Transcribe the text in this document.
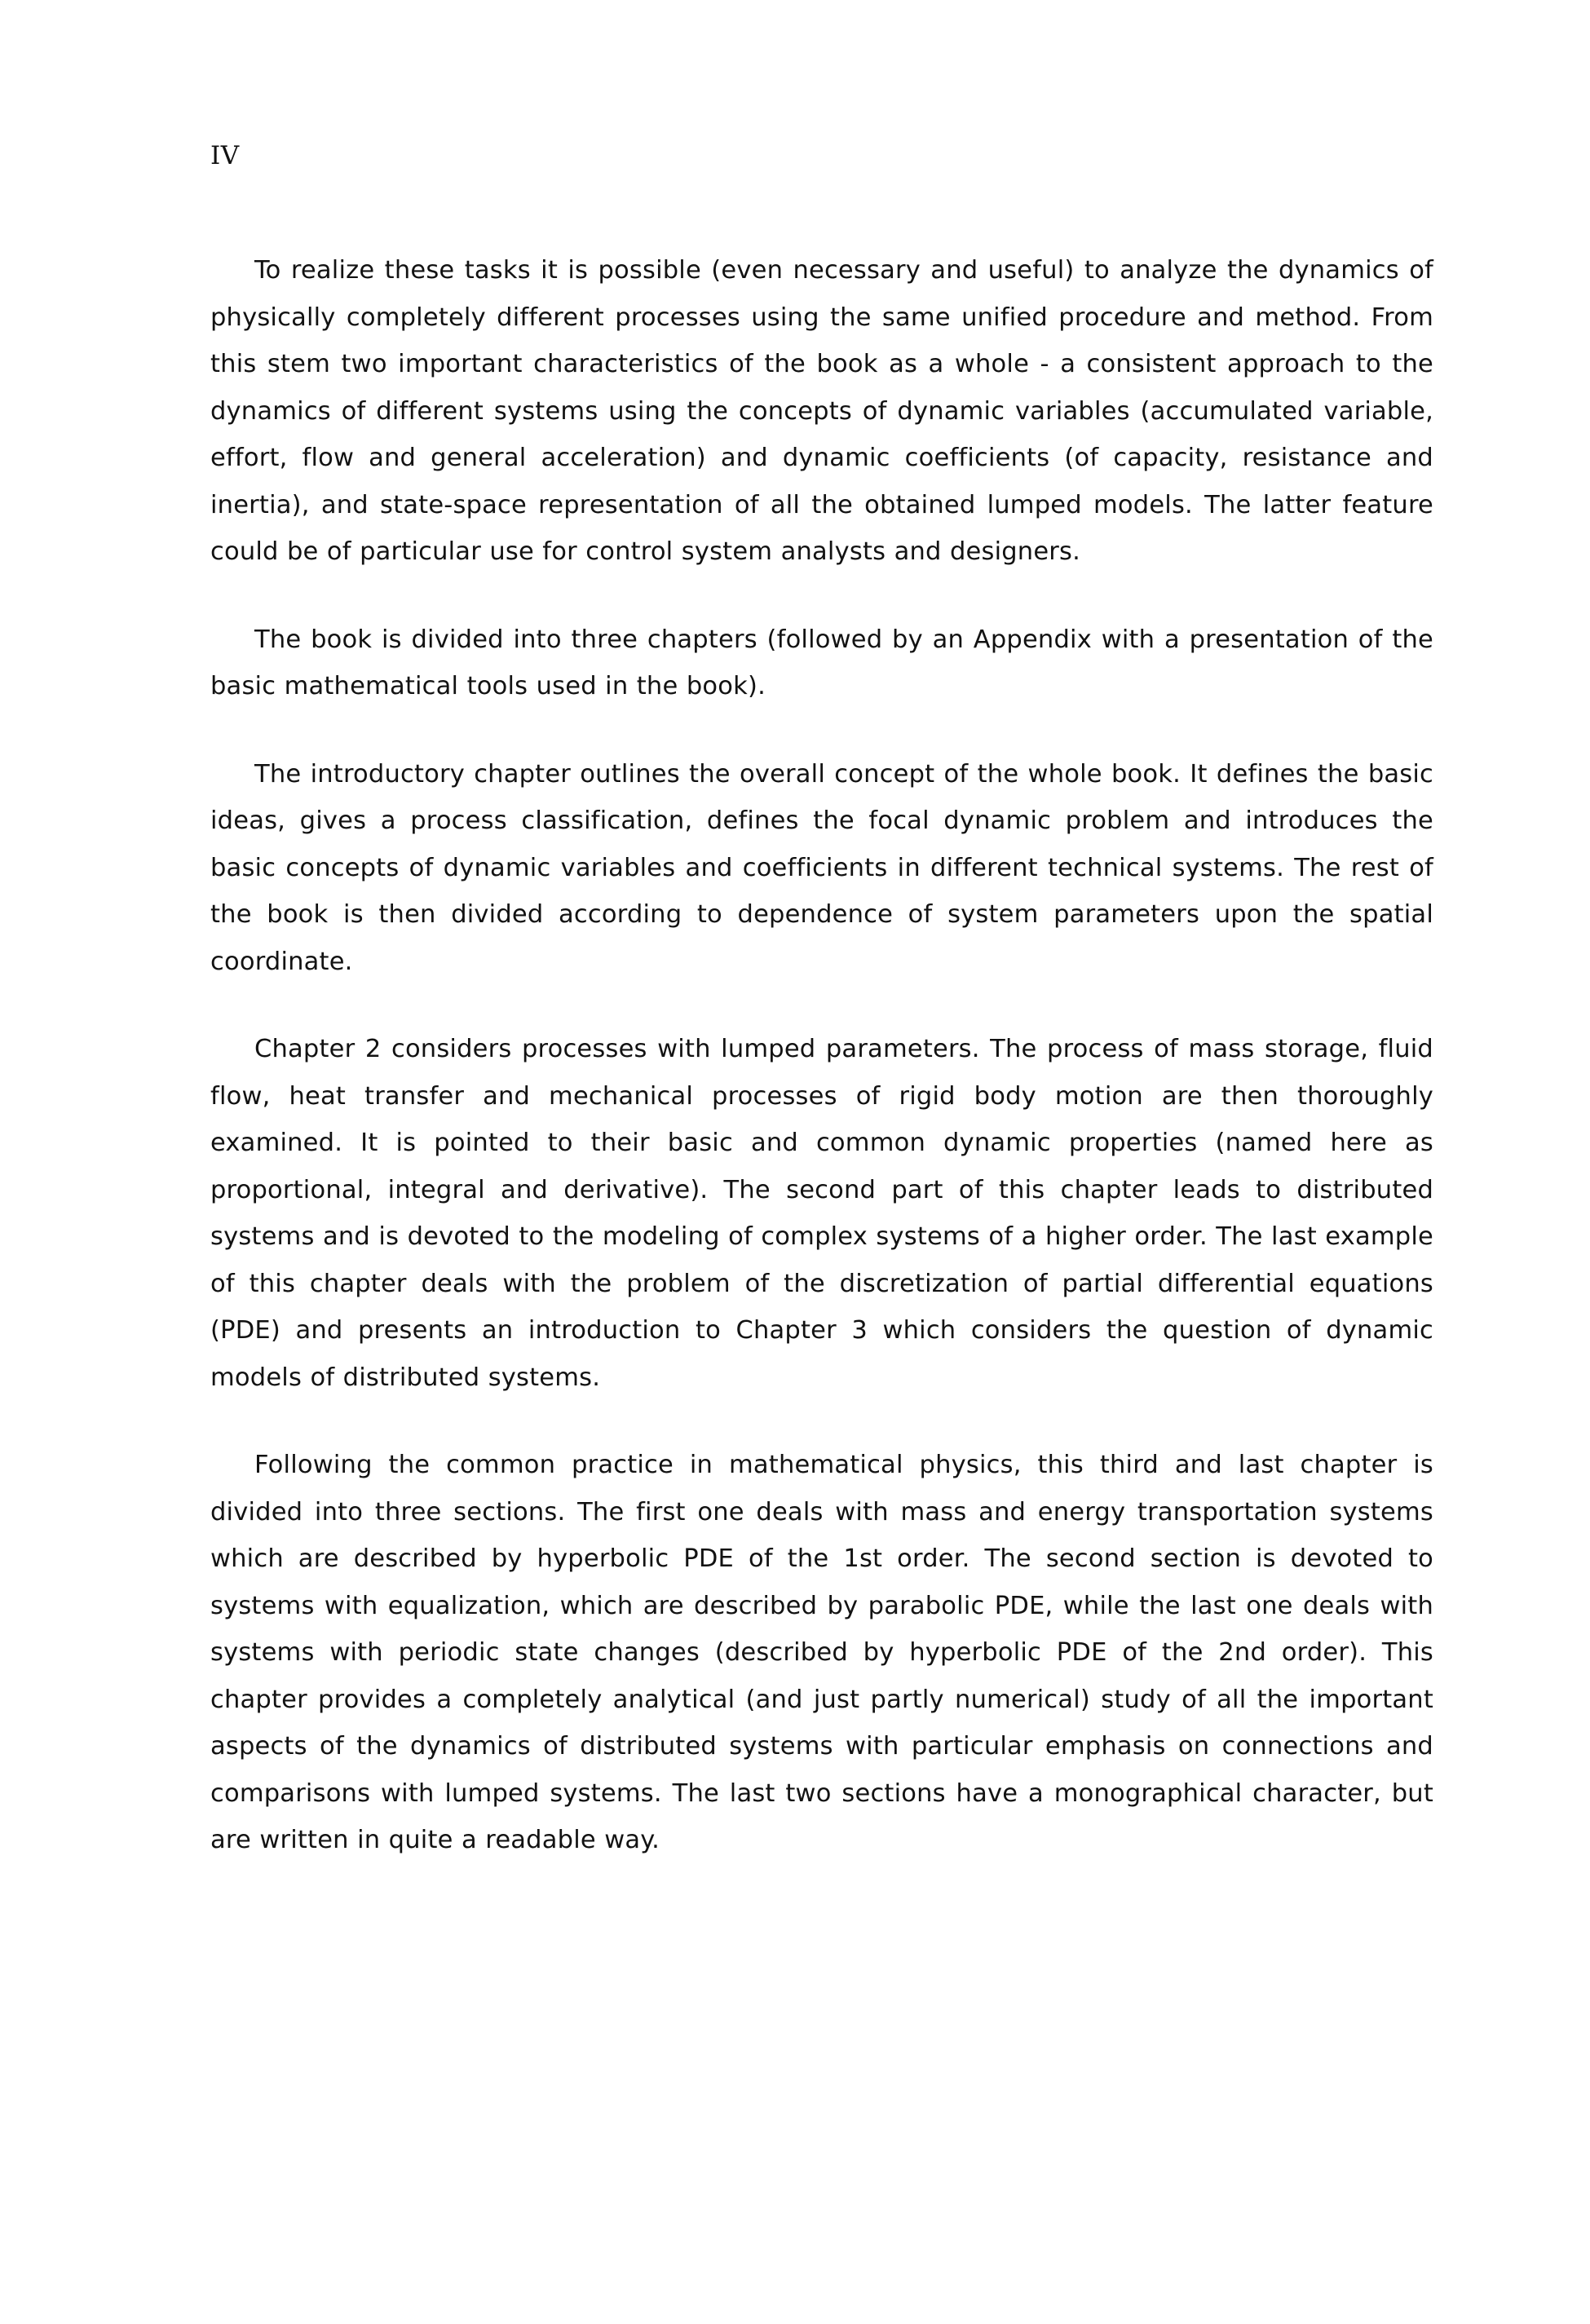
IV

To realize these tasks it is possible (even necessary and useful) to analyze the dynamics of physically completely different processes using the same unified procedure and method. From this stem two important characteristics of the book as a whole - a consistent approach to the dynamics of different systems using the concepts of dynamic variables (accumulated variable, effort, flow and general acceleration) and dynamic coefficients (of capacity, resistance and inertia), and state-space representation of all the obtained lumped models. The latter feature could be of particular use for control system analysts and designers.

The book is divided into three chapters (followed by an Appendix with a presentation of the basic mathematical tools used in the book).

The introductory chapter outlines the overall concept of the whole book. It defines the basic ideas, gives a process classification, defines the focal dynamic problem and introduces the basic concepts of dynamic variables and coefficients in different technical systems. The rest of the book is then divided according to dependence of system parameters upon the spatial coordinate.

Chapter 2 considers processes with lumped parameters. The process of mass storage, fluid flow, heat transfer and mechanical processes of rigid body motion are then thoroughly examined. It is pointed to their basic and common dynamic properties (named here as proportional, integral and derivative). The second part of this chapter leads to distributed systems and is devoted to the modeling of complex systems of a higher order. The last example of this chapter deals with the problem of the discretization of partial differential equations (PDE) and presents an introduction to Chapter 3 which considers the question of dynamic models of distributed systems.

Following the common practice in mathematical physics, this third and last chapter is divided into three sections. The first one deals with mass and energy transportation systems which are described by hyperbolic PDE of the 1st order. The second section is devoted to systems with equalization, which are described by parabolic PDE, while the last one deals with systems with periodic state changes (described by hyperbolic PDE of the 2nd order). This chapter provides a completely analytical (and just partly numerical) study of all the important aspects of the dynamics of distributed systems with particular emphasis on connections and comparisons with lumped systems. The last two sections have a monographical character, but are written in quite a readable way.
